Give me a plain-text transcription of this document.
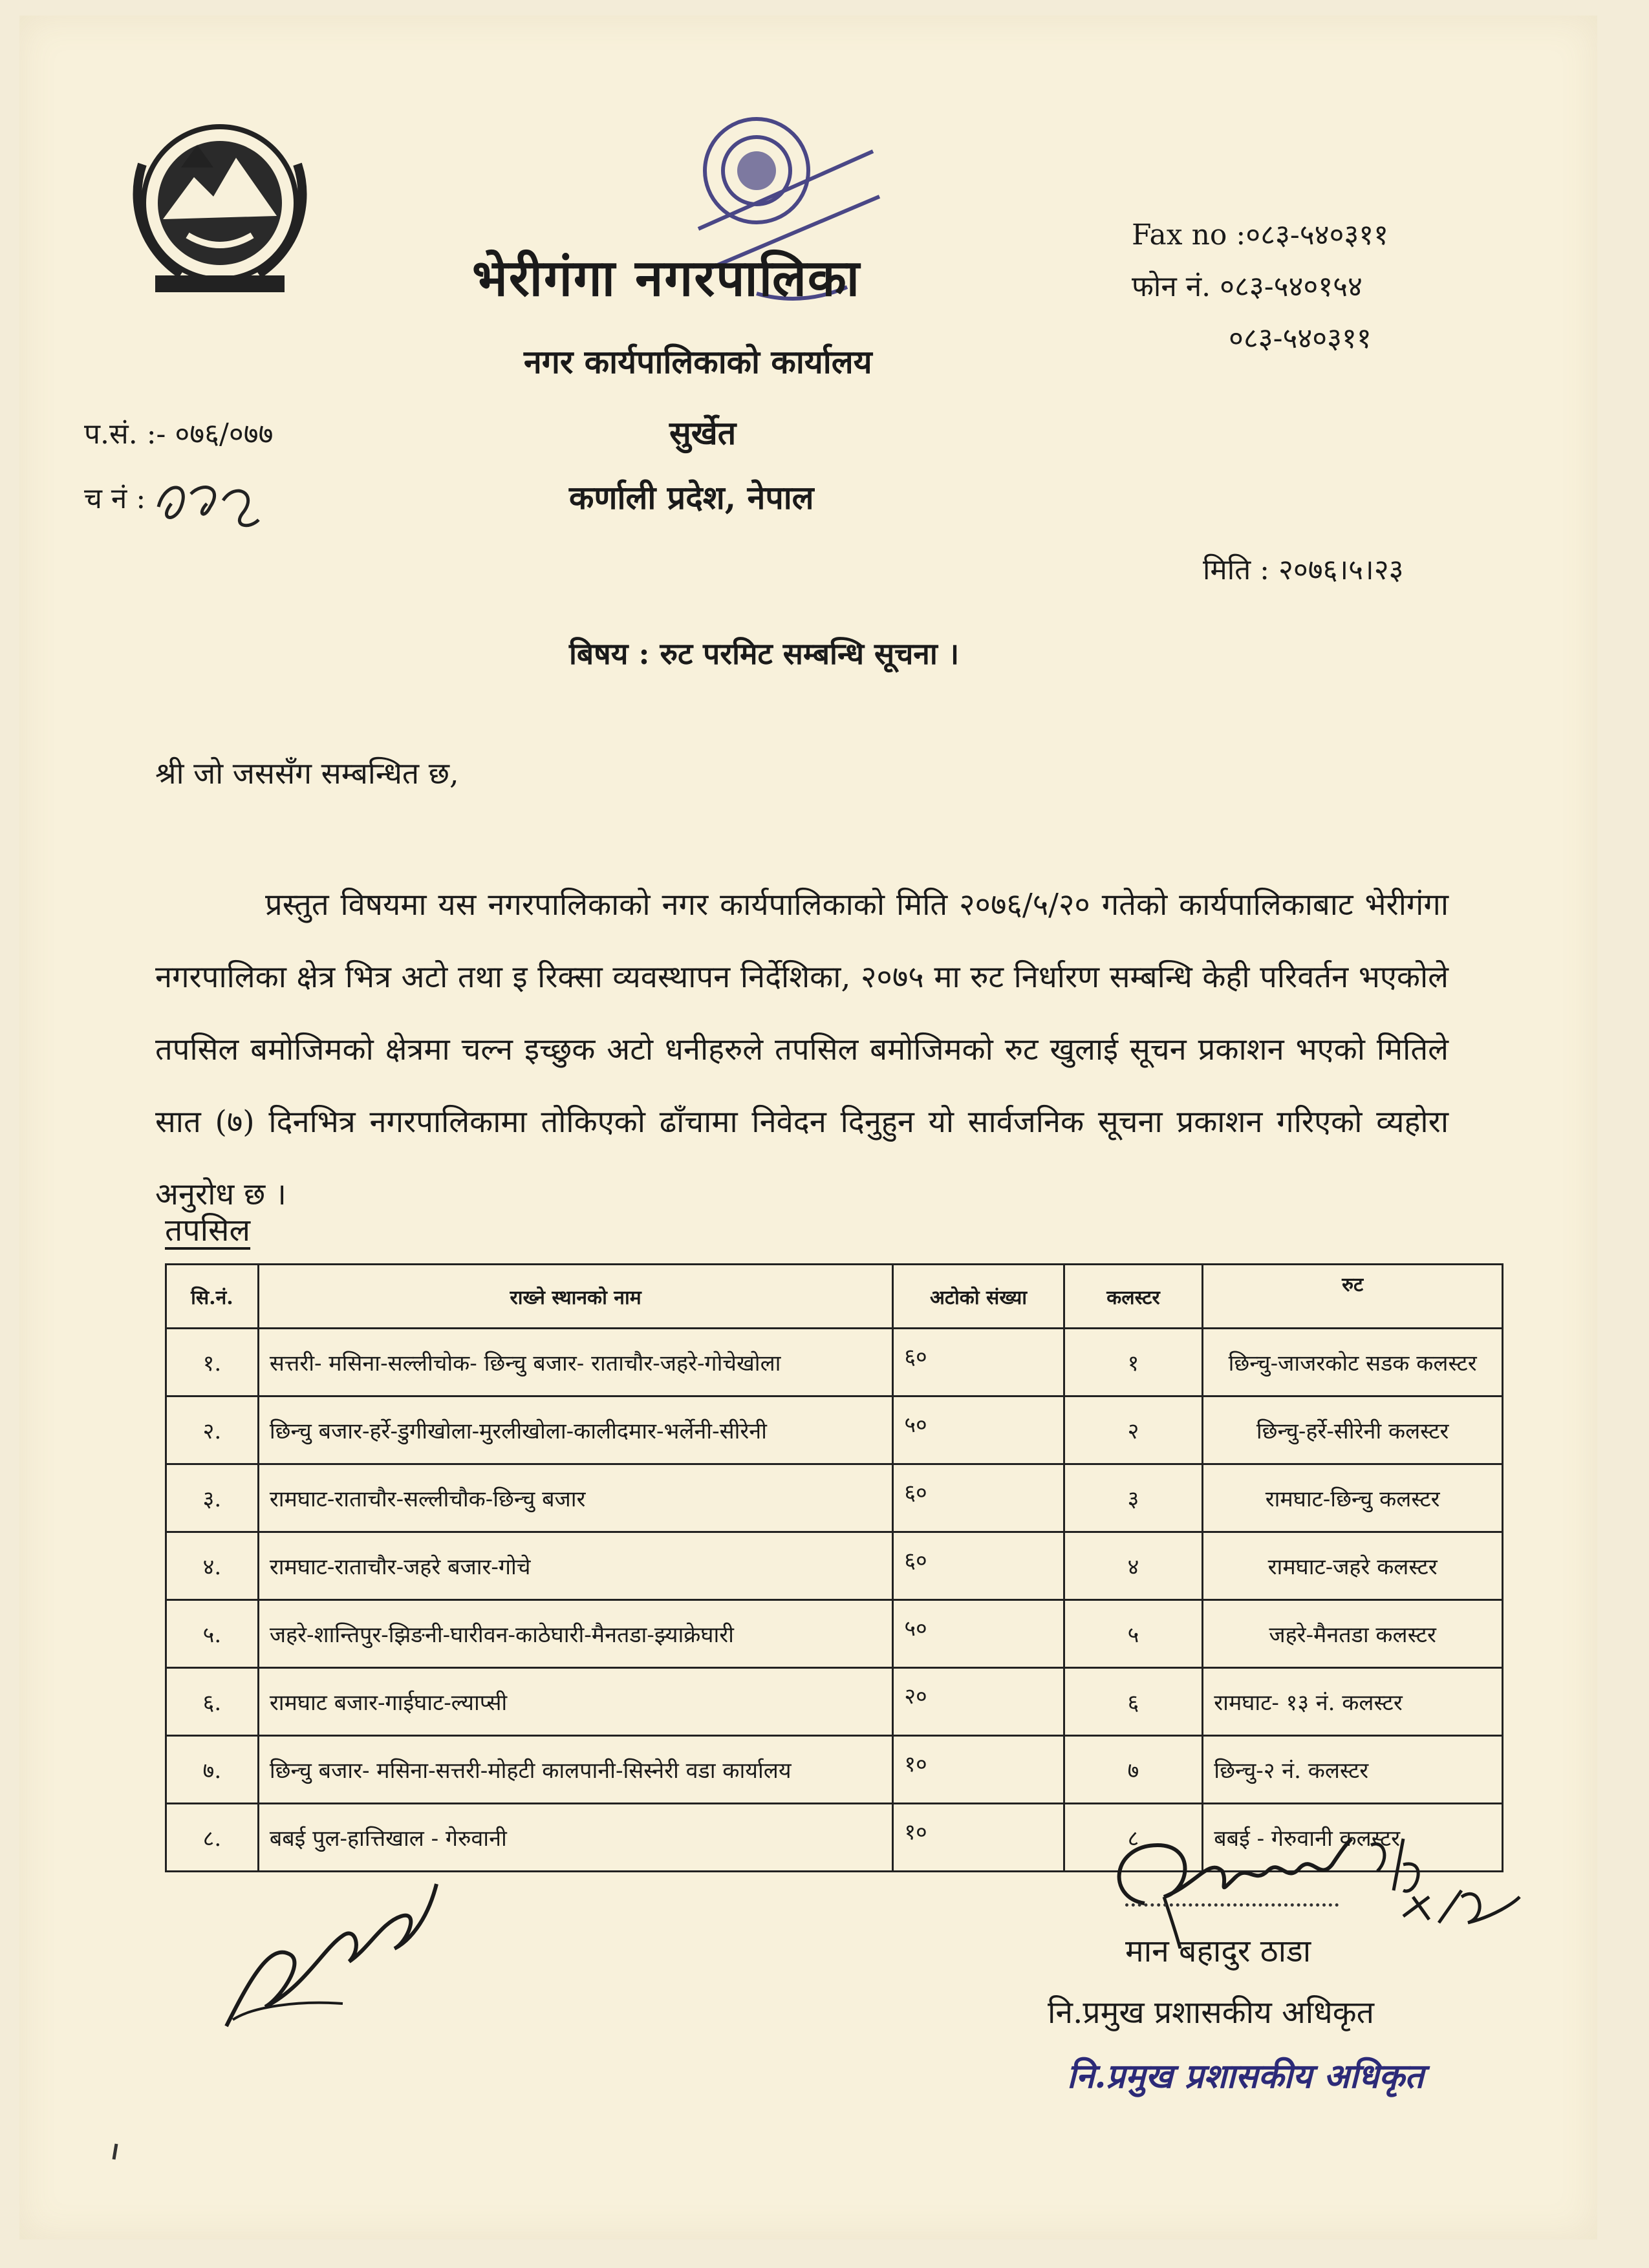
भेरीगंगा नगरपालिका
नगर कार्यपालिकाको कार्यालय
सुर्खेत
कर्णाली प्रदेश, नेपाल
Fax no :०८३-५४०३११
फोन नं. ०८३-५४०१५४
०८३-५४०३११
प.सं. :- ०७६/०७७
च नं :
मिति : २०७६।५।२३
बिषय : रुट परमिट सम्बन्धि सूचना ।
श्री जो जससँग सम्बन्धित छ,
प्रस्तुत विषयमा यस नगरपालिकाको नगर कार्यपालिकाको मिति २०७६/५/२० गतेको कार्यपालिकाबाट भेरीगंगा नगरपालिका क्षेत्र भित्र अटो तथा इ रिक्सा व्यवस्थापन निर्देशिका, २०७५ मा रुट निर्धारण सम्बन्धि केही परिवर्तन भएकोले तपसिल बमोजिमको क्षेत्रमा चल्न इच्छुक अटो धनीहरुले तपसिल बमोजिमको रुट खुलाई सूचन प्रकाशन भएको मितिले सात (७) दिनभित्र नगरपालिकामा तोकिएको ढाँचामा निवेदन दिनुहुन यो सार्वजनिक सूचना प्रकाशन गरिएको व्यहोरा अनुरोध छ ।
तपसिल
सि.नं.	राख्ने स्थानको नाम	अटोको संख्या	कलस्टर	रुट
१.	सत्तरी- मसिना-सल्लीचोक- छिन्चु बजार- राताचौर-जहरे-गोचेखोला	६०	१	छिन्चु-जाजरकोट सडक कलस्टर
२.	छिन्चु बजार-हर्रे-डुगीखोला-मुरलीखोला-कालीदमार-भर्लेनी-सीरेनी	५०	२	छिन्चु-हर्रे-सीरेनी कलस्टर
३.	रामघाट-राताचौर-सल्लीचौक-छिन्चु बजार	६०	३	रामघाट-छिन्चु कलस्टर
४.	रामघाट-राताचौर-जहरे बजार-गोचे	६०	४	रामघाट-जहरे कलस्टर
५.	जहरे-शान्तिपुर-झिङनी-घारीवन-काठेघारी-मैनतडा-झ्याक्रेघारी	५०	५	जहरे-मैनतडा कलस्टर
६.	रामघाट बजार-गाईघाट-ल्याप्सी	२०	६	रामघाट- १३ नं. कलस्टर
७.	छिन्चु बजार- मसिना-सत्तरी-मोहटी कालपानी-सिस्नेरी वडा कार्यालय	१०	७	छिन्चु-२ नं. कलस्टर
८.	बबई पुल-हात्तिखाल - गेरुवानी	१०	८	बबई - गेरुवानी कलस्टर
मान बहादुर ठाडा
नि.प्रमुख प्रशासकीय अधिकृत
नि.प्रमुख प्रशासकीय अधिकृत
